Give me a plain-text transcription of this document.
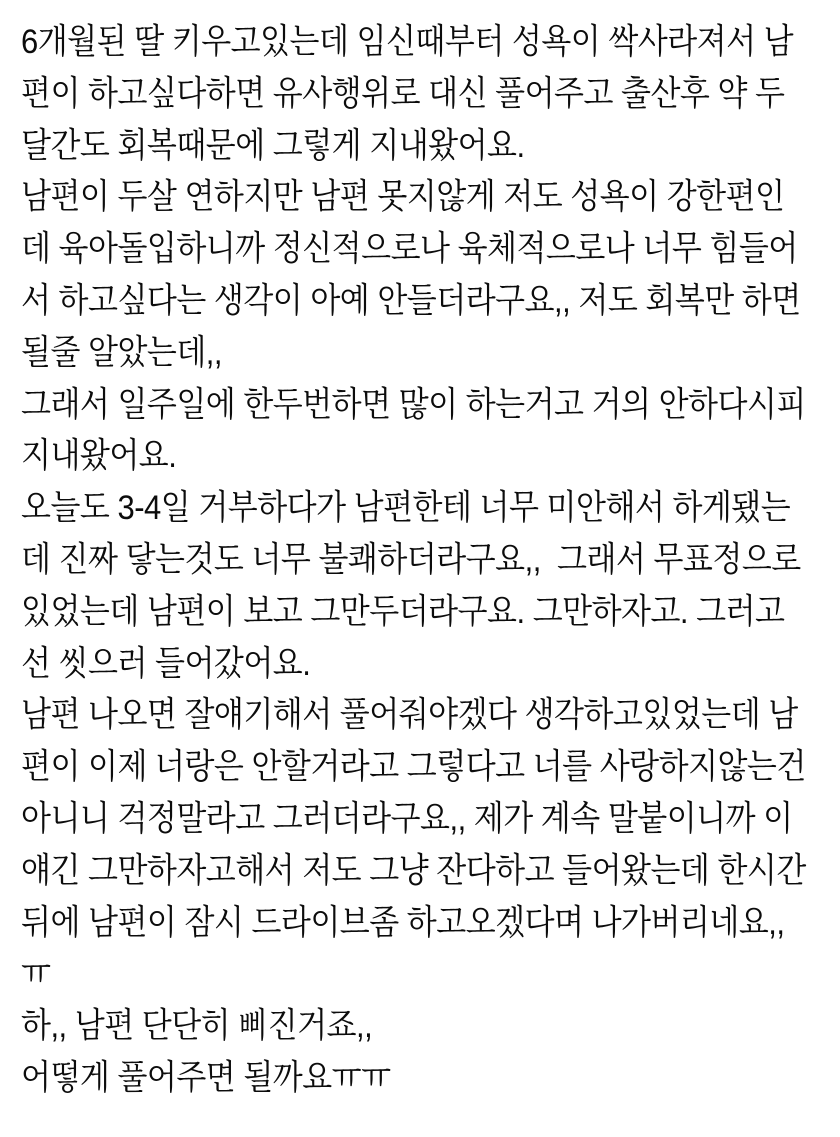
6개월된 딸 키우고있는데 임신때부터 성욕이 싹사라져서 남
편이 하고싶다하면 유사행위로 대신 풀어주고 출산후 약 두
달간도 회복때문에 그렇게 지내왔어요.
남편이 두살 연하지만 남편 못지않게 저도 성욕이 강한편인
데 육아돌입하니까 정신적으로나 육체적으로나 너무 힘들어
서 하고싶다는 생각이 아예 안들더라구요,, 저도 회복만 하면
될줄 알았는데,,
그래서 일주일에 한두번하면 많이 하는거고 거의 안하다시피
지내왔어요.
오늘도 3-4일 거부하다가 남편한테 너무 미안해서 하게됐는
데 진짜 닿는것도 너무 불쾌하더라구요,,  그래서 무표정으로
있었는데 남편이 보고 그만두더라구요. 그만하자고. 그러고
선 씻으러 들어갔어요.
남편 나오면 잘얘기해서 풀어줘야겠다 생각하고있었는데 남
편이 이제 너랑은 안할거라고 그렇다고 너를 사랑하지않는건
아니니 걱정말라고 그러더라구요,, 제가 계속 말붙이니까 이
얘긴 그만하자고해서 저도 그냥 잔다하고 들어왔는데 한시간
뒤에 남편이 잠시 드라이브좀 하고오겠다며 나가버리네요,,
ㅠ
하,, 남편 단단히 삐진거죠,,
어떻게 풀어주면 될까요ㅠㅠ
